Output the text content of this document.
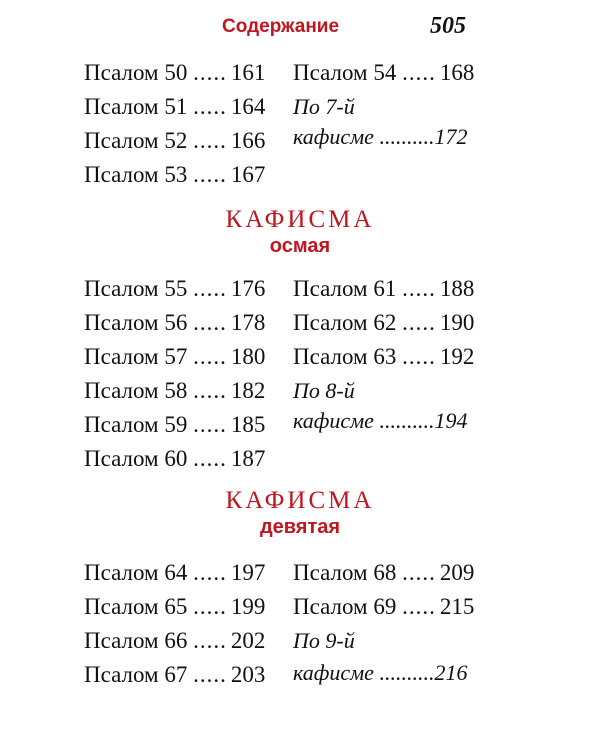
Содержание	505
Псалом 50 ..... 161
Псалом 51 ..... 164
Псалом 52 ..... 166
Псалом 53 ..... 167
Псалом 54 ..... 168
По 7-й
кафисме ..........172
КАФИСМА
осмая
Псалом 55 ..... 176
Псалом 56 ..... 178
Псалом 57 ..... 180
Псалом 58 ..... 182
Псалом 59 ..... 185
Псалом 60 ..... 187
Псалом 61 ..... 188
Псалом 62 ..... 190
Псалом 63 ..... 192
По 8-й
кафисме ..........194
КАФИСМА
девятая
Псалом 64 ..... 197
Псалом 65 ..... 199
Псалом 66 ..... 202
Псалом 67 ..... 203
Псалом 68 ..... 209
Псалом 69 ..... 215
По 9-й
кафисме ..........216
